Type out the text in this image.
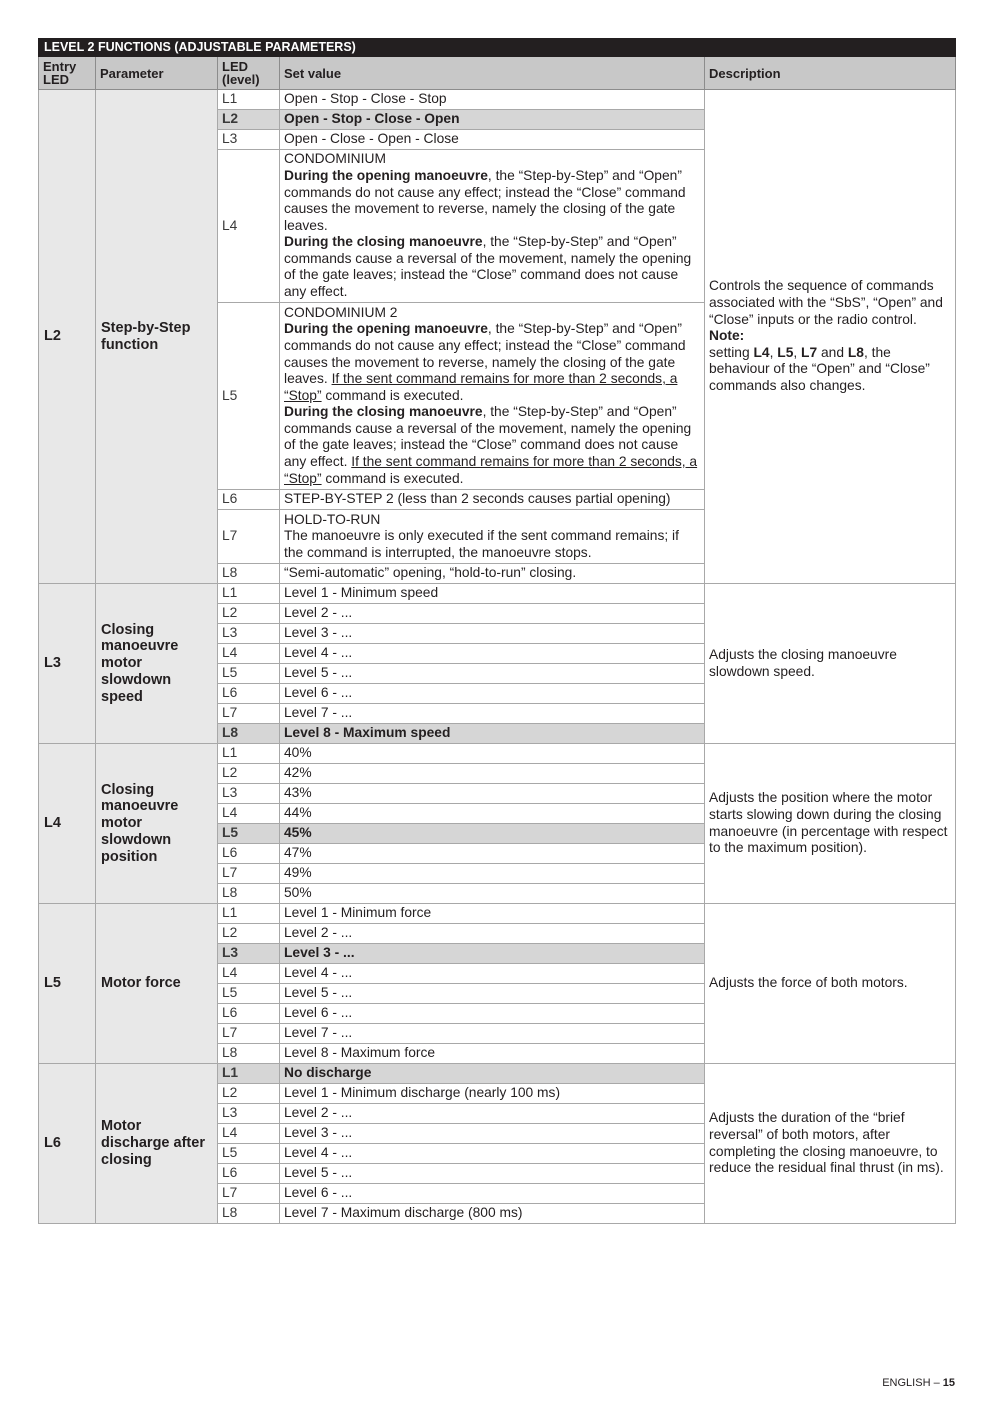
LEVEL 2 FUNCTIONS (ADJUSTABLE PARAMETERS)				
Entry LED	Parameter	LED (level)	Set value	Description
L2	Step-by-Step function	L1	Open - Stop - Close - Stop	Controls the sequence of commands associated with the “SbS”, “Open” and “Close” inputs or the radio control.
Note:
setting L4, L5, L7 and L8, the behaviour of the “Open” and “Close” commands also changes.
		L2	Open - Stop - Close - Open	
		L3	Open - Close - Open - Close	
		L4	CONDOMINIUM
During the opening manoeuvre, the “Step-by-Step” and “Open” commands do not cause any effect; instead the “Close” command causes the movement to reverse, namely the closing of the gate leaves.
During the closing manoeuvre, the “Step-by-Step” and “Open” commands cause a reversal of the movement, namely the opening of the gate leaves; instead the “Close” command does not cause any effect.	
		L5	CONDOMINIUM 2
During the opening manoeuvre, the “Step-by-Step” and “Open” commands do not cause any effect; instead the “Close” command causes the movement to reverse, namely the closing of the gate leaves. If the sent command remains for more than 2 seconds, a “Stop” command is executed.
During the closing manoeuvre, the “Step-by-Step” and “Open” commands cause a reversal of the movement, namely the opening of the gate leaves; instead the “Close” command does not cause any effect. If the sent command remains for more than 2 seconds, a “Stop” command is executed.	
		L6	STEP-BY-STEP 2 (less than 2 seconds causes partial opening)	
		L7	HOLD-TO-RUN
The manoeuvre is only executed if the sent command remains; if the command is interrupted, the manoeuvre stops.	
		L8	“Semi-automatic” opening, “hold-to-run” closing.	
L3	Closing manoeuvre motor slowdown speed	L1	Level 1 - Minimum speed	Adjusts the closing manoeuvre slowdown speed.
		L2	Level 2 - ...	
		L3	Level 3 - ...	
		L4	Level 4 - ...	
		L5	Level 5 - ...	
		L6	Level 6 - ...	
		L7	Level 7 - ...	
		L8	Level 8 - Maximum speed	
L4	Closing manoeuvre motor slowdown position	L1	40%	Adjusts the position where the motor starts slowing down during the closing manoeuvre (in percentage with respect to the maximum position).
		L2	42%	
		L3	43%	
		L4	44%	
		L5	45%	
		L6	47%	
		L7	49%	
		L8	50%	
L5	Motor force	L1	Level 1 - Minimum force	Adjusts the force of both motors.
		L2	Level 2 - ...	
		L3	Level 3 - ...	
		L4	Level 4 - ...	
		L5	Level 5 - ...	
		L6	Level 6 - ...	
		L7	Level 7 - ...	
		L8	Level 8 - Maximum force	
L6	Motor discharge after closing	L1	No discharge	Adjusts the duration of the “brief reversal” of both motors, after completing the closing manoeuvre, to reduce the residual final thrust (in ms).
		L2	Level 1 - Minimum discharge (nearly 100 ms)	
		L3	Level 2 - ...	
		L4	Level 3 - ...	
		L5	Level 4 - ...	
		L6	Level 5 - ...	
		L7	Level 6 - ...	
		L8	Level 7 - Maximum discharge (800 ms)	
ENGLISH – 15
